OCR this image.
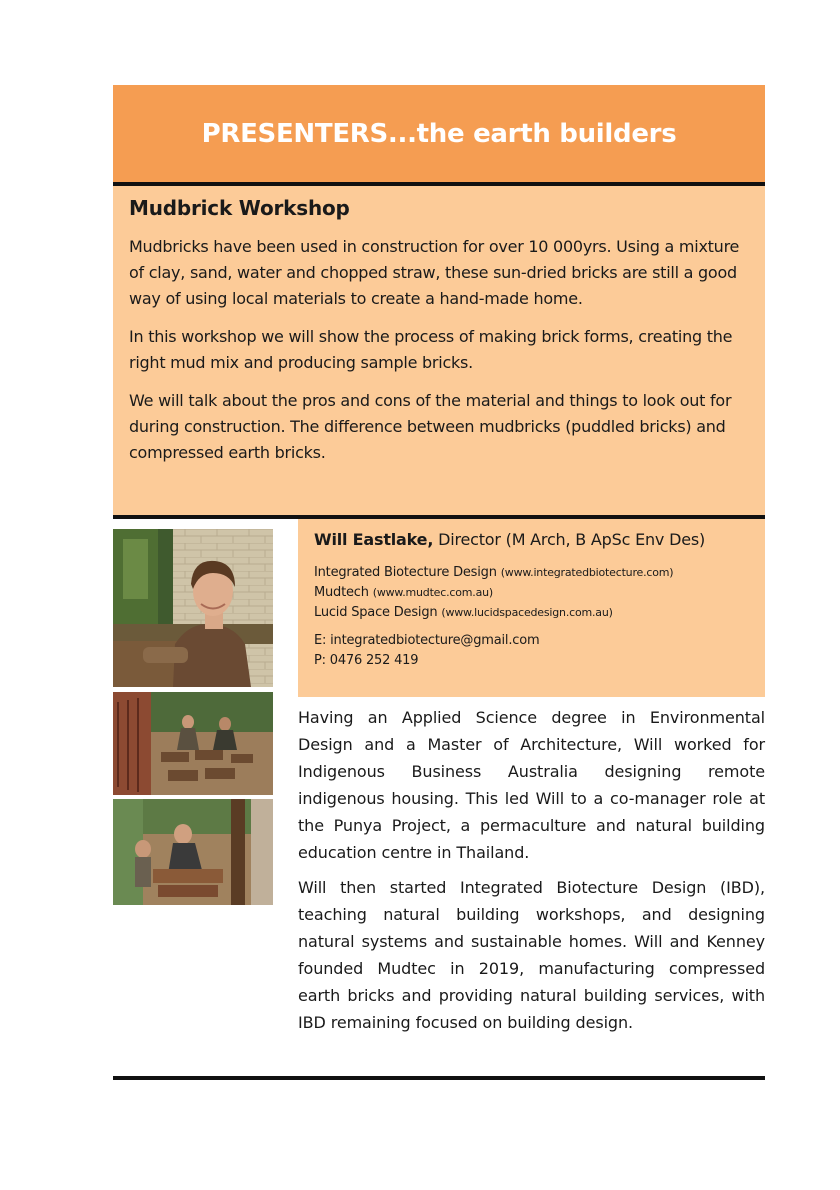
PRESENTERS...the earth builders
Mudbrick Workshop

Mudbricks have been used in construction for over 10 000yrs. Using a mixture of clay, sand, water and chopped straw, these sun-dried bricks are still a good way of using local materials to create a hand-made home.

In this workshop we will show the process of making brick forms, creating the right mud mix and producing sample bricks.

We will talk about the pros and cons of the material and things to look out for during construction. The difference between mudbricks (puddled bricks) and compressed earth bricks.

Will Eastlake, Director (M Arch, B ApSc Env Des)

Integrated Biotecture Design (www.integratedbiotecture.com)

Mudtech (www.mudtec.com.au)

Lucid Space Design (www.lucidspacedesign.com.au)

E: integratedbiotecture@gmail.com

P: 0476 252 419

Having an Applied Science degree in Environmental Design and a Master of Architecture, Will worked for Indigenous Business Australia designing remote indigenous housing. This led Will to a co-manager role at the Punya Project, a permaculture and natural building education centre in Thailand.

Will then started Integrated Biotecture Design (IBD), teaching natural building workshops, and designing natural systems and sustainable homes. Will and Kenney founded Mudtec in 2019, manufacturing compressed earth bricks and providing natural building services, with IBD remaining focused on building design.
